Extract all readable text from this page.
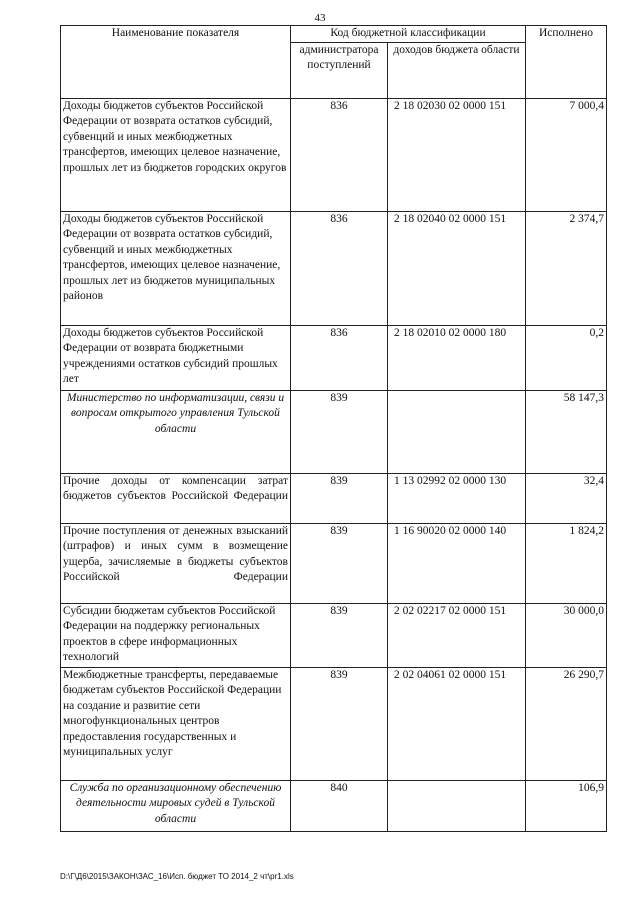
43
Наименование показателя	Код бюджетной классификации		Исполнено
	администратора поступлений	доходов бюджета области	
Доходы бюджетов субъектов Российской Федерации от возврата остатков субсидий, субвенций и иных межбюджетных трансфертов, имеющих целевое назначение, прошлых лет из бюджетов городских округов	836	2 18 02030 02 0000 151	7 000,4
Доходы бюджетов субъектов Российской Федерации от возврата остатков субсидий, субвенций и иных межбюджетных трансфертов, имеющих целевое назначение, прошлых лет из бюджетов муниципальных районов	836	2 18 02040 02 0000 151	2 374,7
Доходы бюджетов субъектов Российской Федерации от возврата бюджетными учреждениями остатков субсидий прошлых лет	836	2 18 02010 02 0000 180	0,2
Министерство по информатизации, связи и вопросам открытого управления Тульской области	839		58 147,3
Прочие доходы от компенсации затрат бюджетов субъектов Российской Федерации	839	1 13 02992 02 0000 130	32,4
Прочие поступления от денежных взысканий (штрафов) и иных сумм в возмещение ущерба, зачисляемые в бюджеты субъектов Российской Федерации	839	1 16 90020 02 0000 140	1 824,2
Субсидии бюджетам субъектов Российской Федерации на поддержку региональных проектов в сфере информационных технологий	839	2 02 02217 02 0000 151	30 000,0
Межбюджетные трансферты, передаваемые бюджетам субъектов Российской Федерации на создание и развитие сети многофункциональных центров предоставления государственных и муниципальных услуг	839	2 02 04061 02 0000 151	26 290,7
Служба по организационному обеспечению деятельности мировых судей в Тульской области	840		106,9
D:\Г\Д6\2015\ЗАКОН\ЗАС_16\Исп. бюджет ТО 2014_2 чт\pr1.xls
